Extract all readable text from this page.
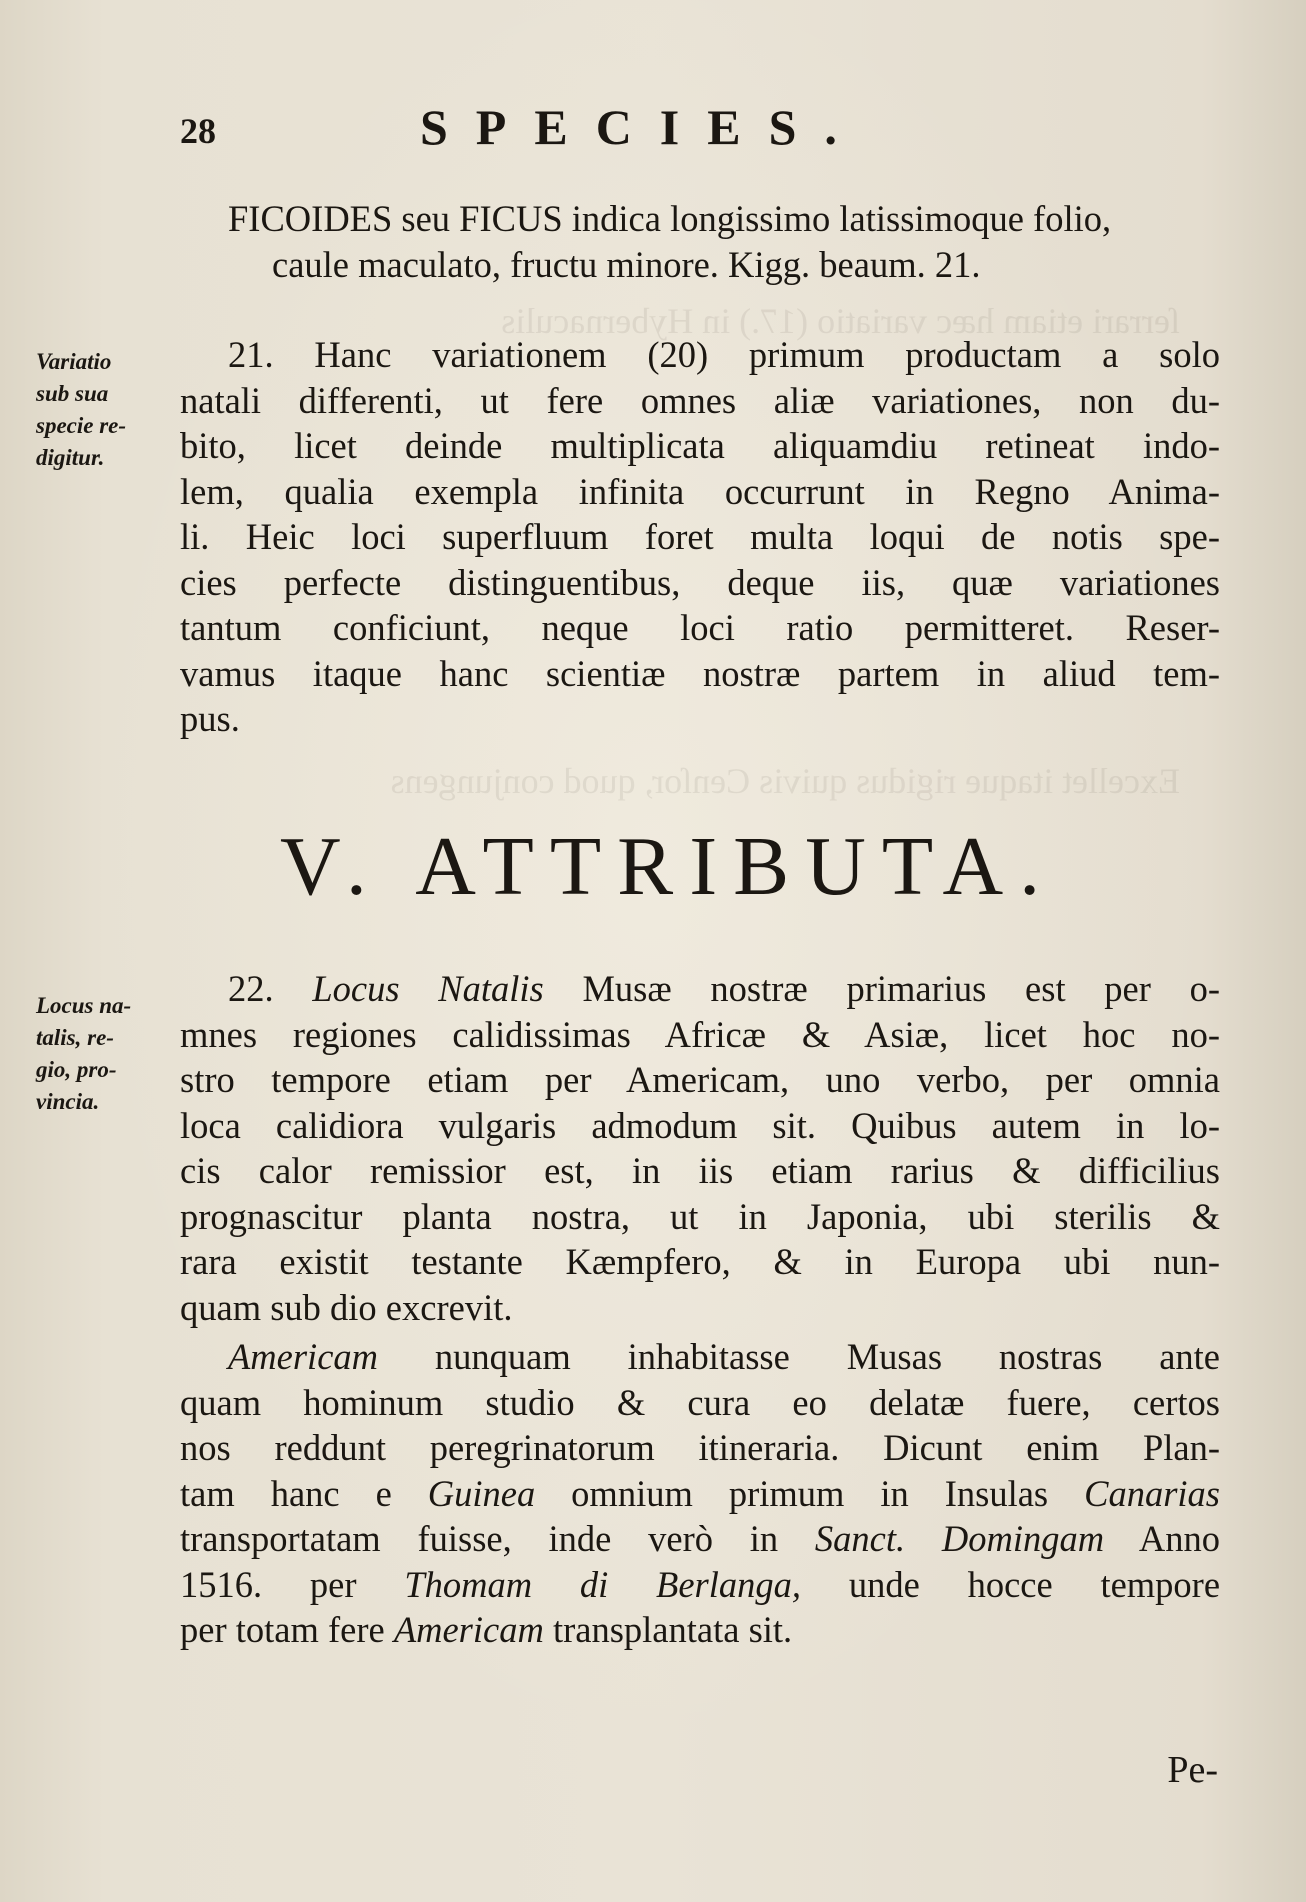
ſerrari etiam hæc variatio (17.) in Hybernaculis
Excellet itaque rigidus quivis Cenſor, quod conjungens
28	SPECIES.
FICOIDES seu FICUS indica longissimo latissimoque folio,
caule maculato, fructu minore. Kigg. beaum. 21.
Variatio
sub sua
specie re-
digitur.
21. Hanc variationem (20) primum productam a solo
natali differenti, ut fere omnes aliæ variationes, non du-
bito, licet deinde multiplicata aliquamdiu retineat indo-
lem, qualia exempla infinita occurrunt in Regno Anima-
li. Heic loci superfluum foret multa loqui de notis spe-
cies perfecte distinguentibus, deque iis, quæ variationes
tantum conficiunt, neque loci ratio permitteret. Reser-
vamus itaque hanc scientiæ nostræ partem in aliud tem-
pus.
V. ATTRIBUTA.
Locus na-
talis, re-
gio, pro-
vincia.
22. Locus Natalis Musæ nostræ primarius est per o-
mnes regiones calidissimas Africæ & Asiæ, licet hoc no-
stro tempore etiam per Americam, uno verbo, per omnia
loca calidiora vulgaris admodum sit. Quibus autem in lo-
cis calor remissior est, in iis etiam rarius & difficilius
prognascitur planta nostra, ut in Japonia, ubi sterilis &
rara existit testante Kæmpfero, & in Europa ubi nun-
quam sub dio excrevit.
Americam nunquam inhabitasse Musas nostras ante
quam hominum studio & cura eo delatæ fuere, certos
nos reddunt peregrinatorum itineraria. Dicunt enim Plan-
tam hanc e Guinea omnium primum in Insulas Canarias
transportatam fuisse, inde verò in Sanct. Domingam Anno
1516. per Thomam di Berlanga, unde hocce tempore
per totam fere Americam transplantata sit.
Pe-
